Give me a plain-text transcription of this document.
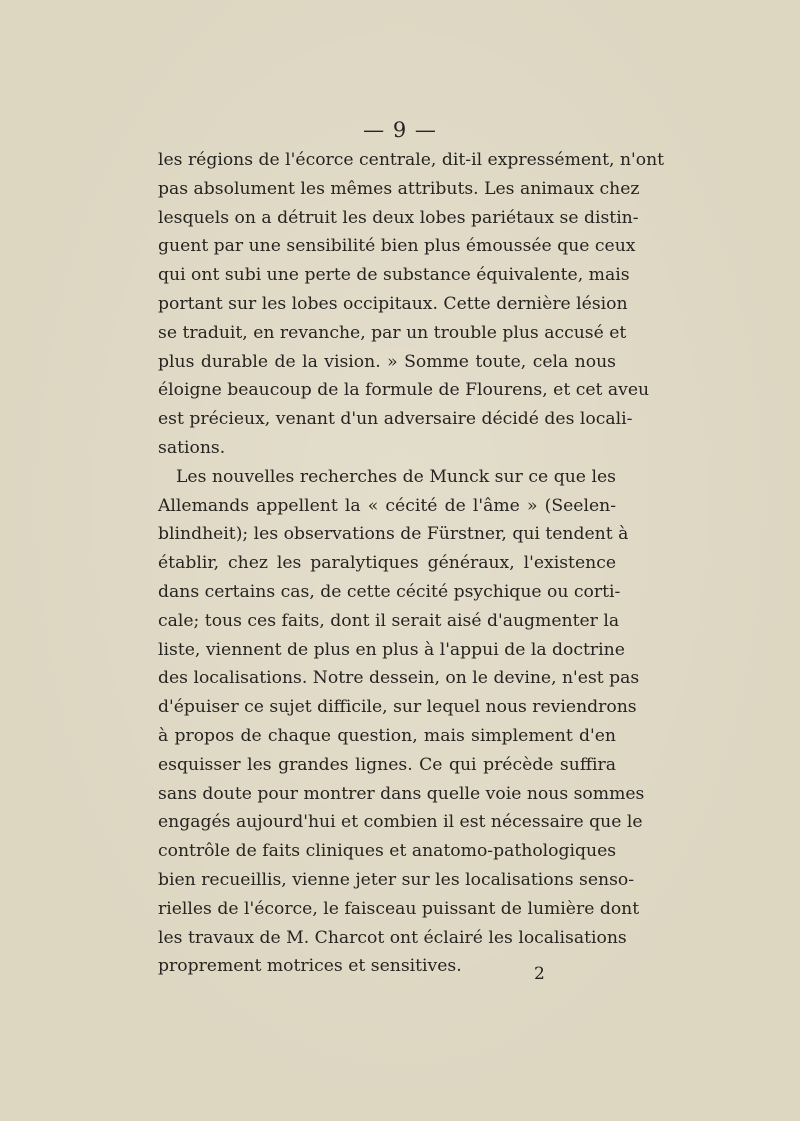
— 9 —
les régions de l'écorce centrale, dit-il expressément, n'ont
pas absolument les mêmes attributs. Les animaux chez
lesquels on a détruit les deux lobes pariétaux se distin-
guent par une sensibilité bien plus émoussée que ceux
qui ont subi une perte de substance équivalente, mais
portant sur les lobes occipitaux. Cette dernière lésion
se traduit, en revanche, par un trouble plus accusé et
plus durable de la vision. » Somme toute, cela nous
éloigne beaucoup de la formule de Flourens, et cet aveu
est précieux, venant d'un adversaire décidé des locali-
sations.
Les nouvelles recherches de Munck sur ce que les
Allemands appellent la « cécité de l'âme » (Seelen-
blindheit); les observations de Fürstner, qui tendent à
établir, chez les paralytiques généraux, l'existence
dans certains cas, de cette cécité psychique ou corti-
cale; tous ces faits, dont il serait aisé d'augmenter la
liste, viennent de plus en plus à l'appui de la doctrine
des localisations. Notre dessein, on le devine, n'est pas
d'épuiser ce sujet difficile, sur lequel nous reviendrons
à propos de chaque question, mais simplement d'en
esquisser les grandes lignes. Ce qui précède suffira
sans doute pour montrer dans quelle voie nous sommes
engagés aujourd'hui et combien il est nécessaire que le
contrôle de faits cliniques et anatomo-pathologiques
bien recueillis, vienne jeter sur les localisations senso-
rielles de l'écorce, le faisceau puissant de lumière dont
les travaux de M. Charcot ont éclairé les localisations
proprement motrices et sensitives.	2
